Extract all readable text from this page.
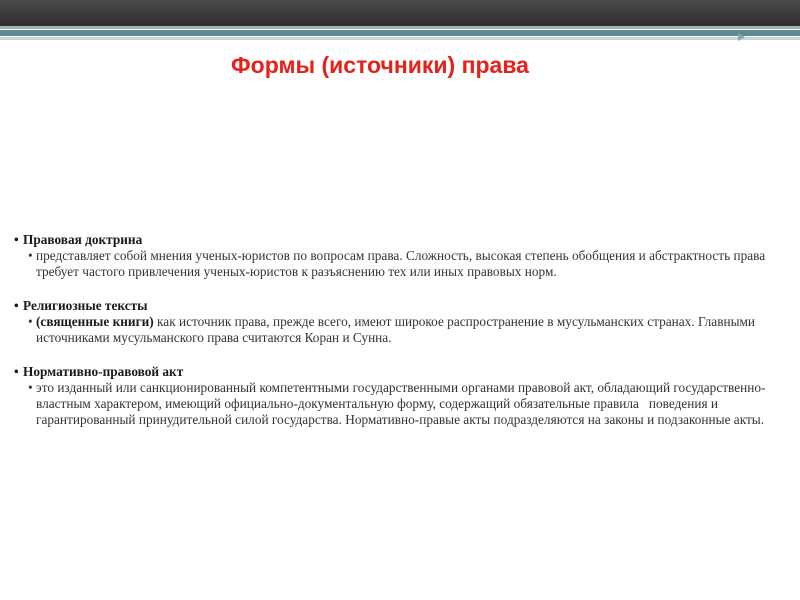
Формы (источники) права
• Правовая доктрина
• представляет собой мнения ученых-юристов по вопросам права. Сложность, высокая степень обобщения и абстрактность права требует частого привлечения ученых-юристов к разъяснению тех или иных правовых норм.
• Религиозные тексты
• (священные книги) как источник права, прежде всего, имеют широкое распространение в мусульманских странах. Главными источниками мусульманского права считаются Коран и Сунна.
• Нормативно-правовой акт
• это изданный или санкционированный компетентными государственными органами правовой акт, обладающий государственно-властным характером, имеющий официально-документальную форму, содержащий обязательные правила   поведения и гарантированный принудительной силой государства. Нормативно-правые акты подразделяются на законы и подзаконные акты.
